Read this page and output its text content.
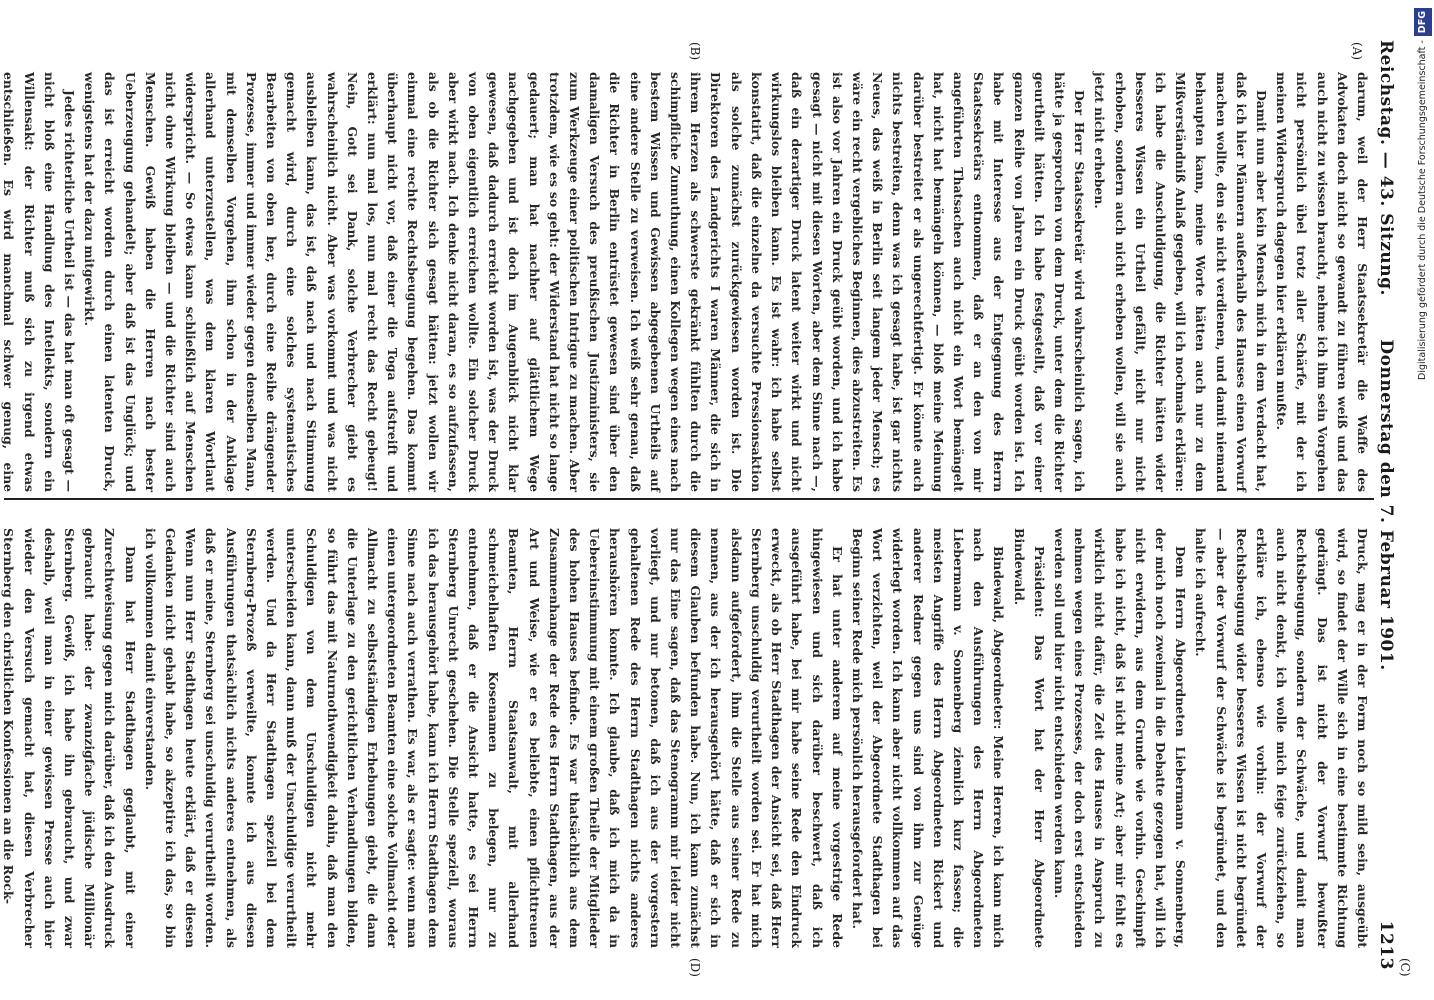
Reichstag. — 43. Sitzung.
Donnerstag den 7. Februar 1901.
1213
(A)
(B)
(C)
(D)

darum, weil der Herr Staatssekretär die Waffe des Advokaten doch nicht so gewandt zu führen weiß und das auch nicht zu wissen braucht, nehme ich ihm sein Vorgehen nicht persönlich übel trotz aller Schärfe, mit der ich meinen Widerspruch dagegen hier erklären mußte.

Damit nun aber kein Mensch mich in dem Verdacht hat, daß ich hier Männern außerhalb des Hauses einen Vorwurf machen wollte, den sie nicht verdienen, und damit niemand behaupten kann, meine Worte hätten auch nur zu dem Mißverständniß Anlaß gegeben, will ich nochmals erklären: ich habe die Anschuldigung, die Richter hätten wider besseres Wissen ein Urtheil gefällt, nicht nur nicht erhoben, sondern auch nicht erheben wollen, will sie auch jetzt nicht erheben.

Der Herr Staatssekretär wird wahrscheinlich sagen, ich hätte ja gesprochen von dem Druck, unter dem die Richter geurtheilt hätten. Ich habe festgestellt, daß vor einer ganzen Reihe von Jahren ein Druck geübt worden ist. Ich habe mit Interesse aus der Entgegnung des Herrn Staatssekretärs entnommen, daß er an den von mir angeführten Thatsachen auch nicht ein Wort bemängelt hat, nicht hat bemängeln können, — bloß meine Meinung darüber bestreitet er als ungerechtfertigt. Er könnte auch nichts bestreiten, denn was ich gesagt habe, ist gar nichts Neues, das weiß in Berlin seit langem jeder Mensch; es wäre ein recht vergebliches Beginnen, dies abzustreiten. Es ist also vor Jahren ein Druck geübt worden, und ich habe gesagt — nicht mit diesen Worten, aber dem Sinne nach —, daß ein derartiger Druck latent weiter wirkt und nicht wirkungslos bleiben kann. Es ist wahr: ich habe selbst konstatirt, daß die einzelne da versuchte Pressionsaktion als solche zunächst zurückgewiesen worden ist. Die Direktoren des Landgerichts I waren Männer, die sich in ihrem Herzen als schwerste gekränkt fühlten durch die schimpfliche Zumuthung, einen Kollegen wegen eines nach bestem Wissen und Gewissen abgegebenen Urtheils auf eine andere Stelle zu verweisen. Ich weiß sehr genau, daß die Richter in Berlin entrüstet gewesen sind über den damaligen Versuch des preußischen Justizministers, sie zum Werkzeuge einer politischen Intrigue zu machen. Aber trotzdem, wie es so geht: der Widerstand hat nicht so lange gedauert; man hat nachher auf glättlichem Wege nachgegeben und ist doch im Augenblick nicht klar gewesen, daß dadurch erreicht worden ist, was der Druck von oben eigentlich erreichen wollte. Ein solcher Druck aber wirkt nach. Ich denke nicht daran, es so aufzufassen, als ob die Richter sich gesagt hätten: jetzt wollen wir einmal eine rechte Rechtsbeugung begehen. Das kommt überhaupt nicht vor, daß einer die Toga aufstreift und erklärt: nun mal los, nun mal recht das Recht gebeugt! Nein, Gott sei Dank, solche Verbrecher giebt es wahrscheinlich nicht. Aber was vorkommt und was nicht ausbleiben kann, das ist, daß nach und nach Stimmung gemacht wird, durch eine solches systematisches Bearbeiten von oben her, durch eine Reihe drängender Prozesse, immer und immer wieder gegen denselben Mann, mit demselben Vorgehen, ihm schon in der Anklage allerhand unterzustellen, was dem klaren Wortlaut widerspricht. — So etwas kann schließlich auf Menschen nicht ohne Wirkung bleiben — und die Richter sind auch Menschen. Gewiß haben die Herren nach bester Ueberzeugung gehandelt; aber daß ist das Unglück; und das ist erreicht worden durch einen latenten Druck, wenigstens hat der dazu mitgewirkt.

Jedes richterliche Urtheil ist — das hat man oft gesagt — nicht bloß eine Handlung des Intellekts, sondern ein Willensakt: der Richter muß sich zu irgend etwas entschließen. Es wird manchmal schwer genug, eine

Druck, mag er in der Form noch so mild sein, ausgeübt wird, so findet der Wille sich in eine bestimmte Richtung gedrängt. Das ist nicht der Vorwurf bewußter Rechtsbeugung, sondern der Schwäche, und damit man auch nicht denkt, ich wolle mich feige zurückziehen, so erkläre ich, ebenso wie vorhin: der Vorwurf der Rechtsbeugung wider besseres Wissen ist nicht begründet — aber der Vorwurf der Schwäche ist begründet, und den halte ich aufrecht.

Dem Herrn Abgeordneten Liebermann v. Sonnenberg, der mich noch zweimal in die Debatte gezogen hat, will ich nicht erwidern, aus dem Grunde wie vorhin. Geschimpft habe ich nicht, daß ist nicht meine Art; aber mir fehlt es wirklich nicht dafür, die Zeit des Hauses in Anspruch zu nehmen wegen eines Prozesses, der doch erst entschieden werden soll und hier nicht entschieden werden kann.

Präsident: Das Wort hat der Herr Abgeordnete Bindewald.

Bindewald, Abgeordneter: Meine Herren, ich kann mich nach den Ausführungen des Herrn Abgeordneten Liebermann v. Sonnenberg ziemlich kurz fassen; die meisten Angriffe des Herrn Abgeordneten Rickert und anderer Redner gegen uns sind von ihm zur Genüge widerlegt worden. Ich kann aber nicht vollkommen auf das Wort verzichten, weil der Abgeordnete Stadthagen bei Beginn seiner Rede mich persönlich herausgefordert hat.

Er hat unter anderem auf meine vorgestrige Rede hingewiesen und sich darüber beschwert, daß ich ausgeführt habe, bei mir habe seine Rede den Eindruck erweckt, als ob Herr Stadthagen der Ansicht sei, daß Herr Sternberg unschuldig verurtheilt worden sei. Er hat mich alsdann aufgefordert, ihm die Stelle aus seiner Rede zu nennen, aus der ich herausgehört hätte, daß er sich in diesem Glauben befunden habe. Nun, ich kann zunächst nur das Eine sagen, daß das Stenogramm mir leider nicht vorliegt, und nur betonen, daß ich aus der vorgestern gehaltenen Rede des Herrn Stadthagen nichts anderes heraushören konnte. Ich glaube, daß ich mich da in Uebereinstimmung mit einem großen Theile der Mitglieder des hohen Hauses befinde. Es war thatsächlich aus dem Zusammenhange der Rede des Herrn Stadthagen, aus der Art und Weise, wie er es beliebte, einen pflichttreuen Beamten, Herrn Staatsanwalt, mit allerhand schmeichelhaften Kosenamen zu belegen, nur zu entnehmen, daß er die Ansicht hatte, es sei Herrn Sternberg Unrecht geschehen. Die Stelle speziell, woraus ich das herausgehört habe, kann ich Herrn Stadthagen dem Sinne nach auch verrathen. Es war, als er sagte: wenn man einen untergeordneten Beamten eine solche Vollmacht oder Allmacht zu selbstständigen Erhebungen giebt, die dann die Unterlage zu den gerichtlichen Verhandlungen bilden, so führt das mit Naturnothwendigkeit dahin, daß man den Schuldigen von dem Unschuldigen nicht mehr unterscheiden kann, dann muß der Unschuldige verurtheilt werden. Und da Herr Stadthagen speziell bei dem Sternberg-Prozeß verweilte, konnte ich aus diesen Ausführungen thatsächlich nichts anderes entnehmen, als daß er meine, Sternberg sei unschuldig verurtheilt worden. Wenn nun Herr Stadthagen heute erklärt, daß er diesen Gedanken nicht gehabt habe, so akzeptire ich das, so bin ich vollkommen damit einverstanden.

Dann hat Herr Stadthagen geglaubt, mit einer Zurechtweisung gegen mich darüber, daß ich den Ausdruck gebraucht habe: der zwanzigfache jüdische Millionär Sternberg. Gewiß, ich habe ihn gebraucht, und zwar deshalb, weil man in einer gewissen Presse auch hier wieder den Versuch gemacht hat, diesen Verbrecher Sternberg den christlichen Konfessionen an die Rock-

Digitalisierung gefördert durch die Deutsche Forschungsgemeinschaft -DFG
